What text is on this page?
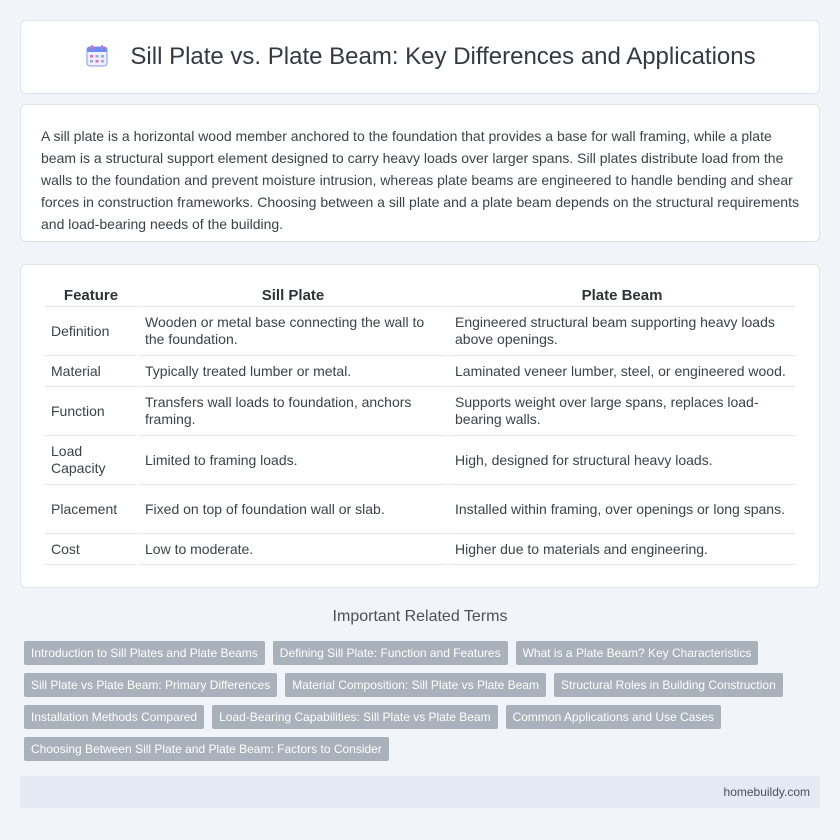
Sill Plate vs. Plate Beam: Key Differences and Applications

A sill plate is a horizontal wood member anchored to the foundation that provides a base for wall framing, while a plate beam is a structural support element designed to carry heavy loads over larger spans. Sill plates distribute load from the walls to the foundation and prevent moisture intrusion, whereas plate beams are engineered to handle bending and shear forces in construction frameworks. Choosing between a sill plate and a plate beam depends on the structural requirements and load-bearing needs of the building.

Feature	Sill Plate	Plate Beam
Definition	Wooden or metal base connecting the wall to the foundation.	Engineered structural beam supporting heavy loads above openings.
Material	Typically treated lumber or metal.	Laminated veneer lumber, steel, or engineered wood.
Function	Transfers wall loads to foundation, anchors framing.	Supports weight over large spans, replaces load-bearing walls.
Load Capacity	Limited to framing loads.	High, designed for structural heavy loads.
Placement	Fixed on top of foundation wall or slab.	Installed within framing, over openings or long spans.
Cost	Low to moderate.	Higher due to materials and engineering.
Important Related Terms
Introduction to Sill Plates and Plate Beams	Defining Sill Plate: Function and Features	What is a Plate Beam? Key Characteristics
Sill Plate vs Plate Beam: Primary Differences	Material Composition: Sill Plate vs Plate Beam	Structural Roles in Building Construction
Installation Methods Compared	Load-Bearing Capabilities: Sill Plate vs Plate Beam	Common Applications and Use Cases
Choosing Between Sill Plate and Plate Beam: Factors to Consider
homebuildy.com
